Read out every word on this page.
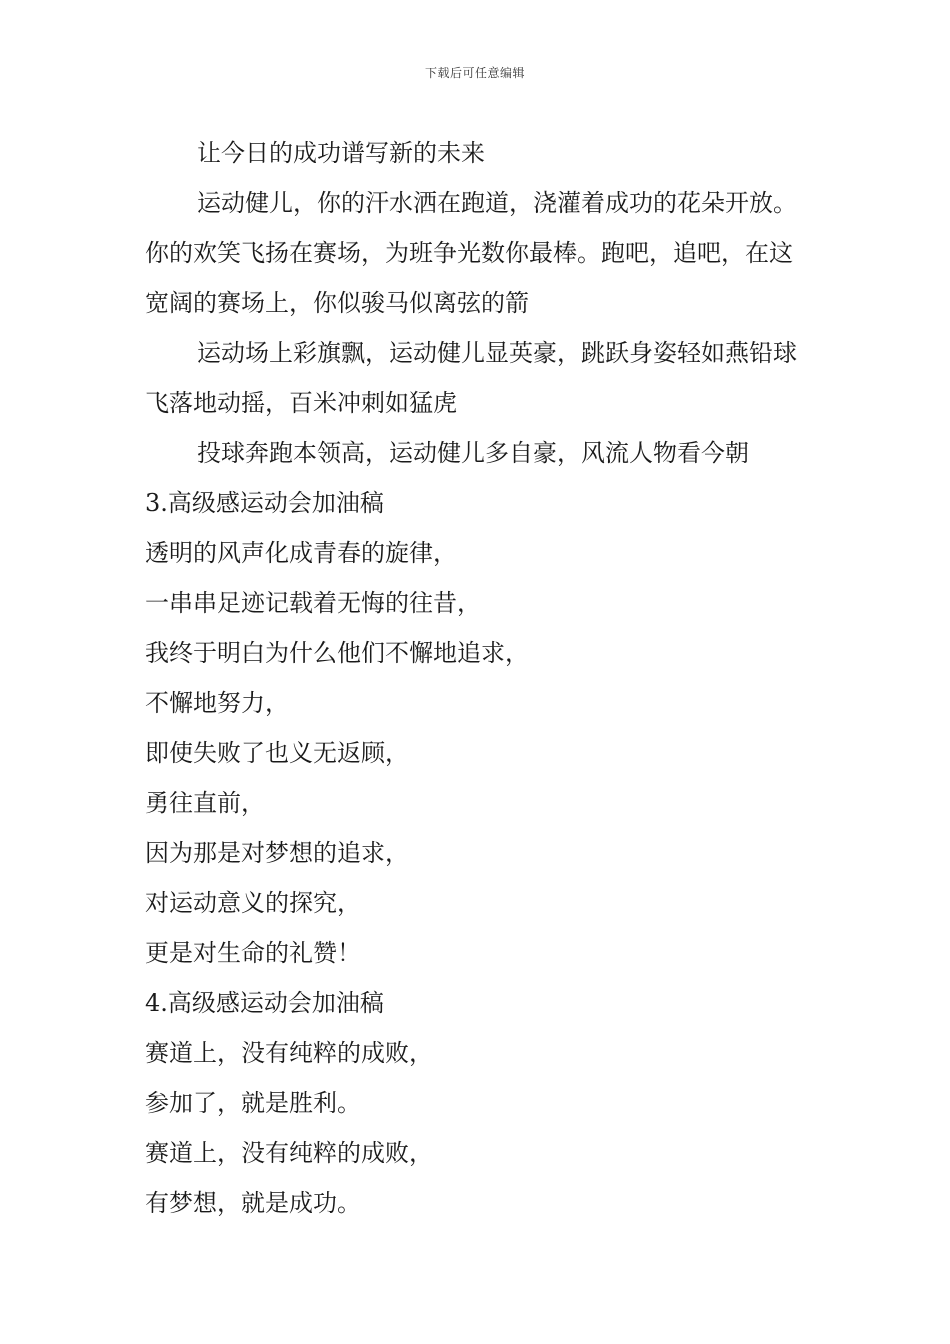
下载后可任意编辑

让今日的成功谱写新的未来

运动健儿，你的汗水洒在跑道，浇灌着成功的花朵开放。你的欢笑飞扬在赛场，为班争光数你最棒。跑吧，追吧，在这宽阔的赛场上，你似骏马似离弦的箭

运动场上彩旗飘，运动健儿显英豪，跳跃身姿轻如燕铅球飞落地动摇，百米冲刺如猛虎

投球奔跑本领高，运动健儿多自豪，风流人物看今朝

3.高级感运动会加油稿

透明的风声化成青春的旋律，

一串串足迹记载着无悔的往昔，

我终于明白为什么他们不懈地追求，

不懈地努力，

即使失败了也义无返顾，

勇往直前，

因为那是对梦想的追求，

对运动意义的探究，

更是对生命的礼赞！

4.高级感运动会加油稿

赛道上，没有纯粹的成败，

参加了，就是胜利。

赛道上，没有纯粹的成败，

有梦想，就是成功。
